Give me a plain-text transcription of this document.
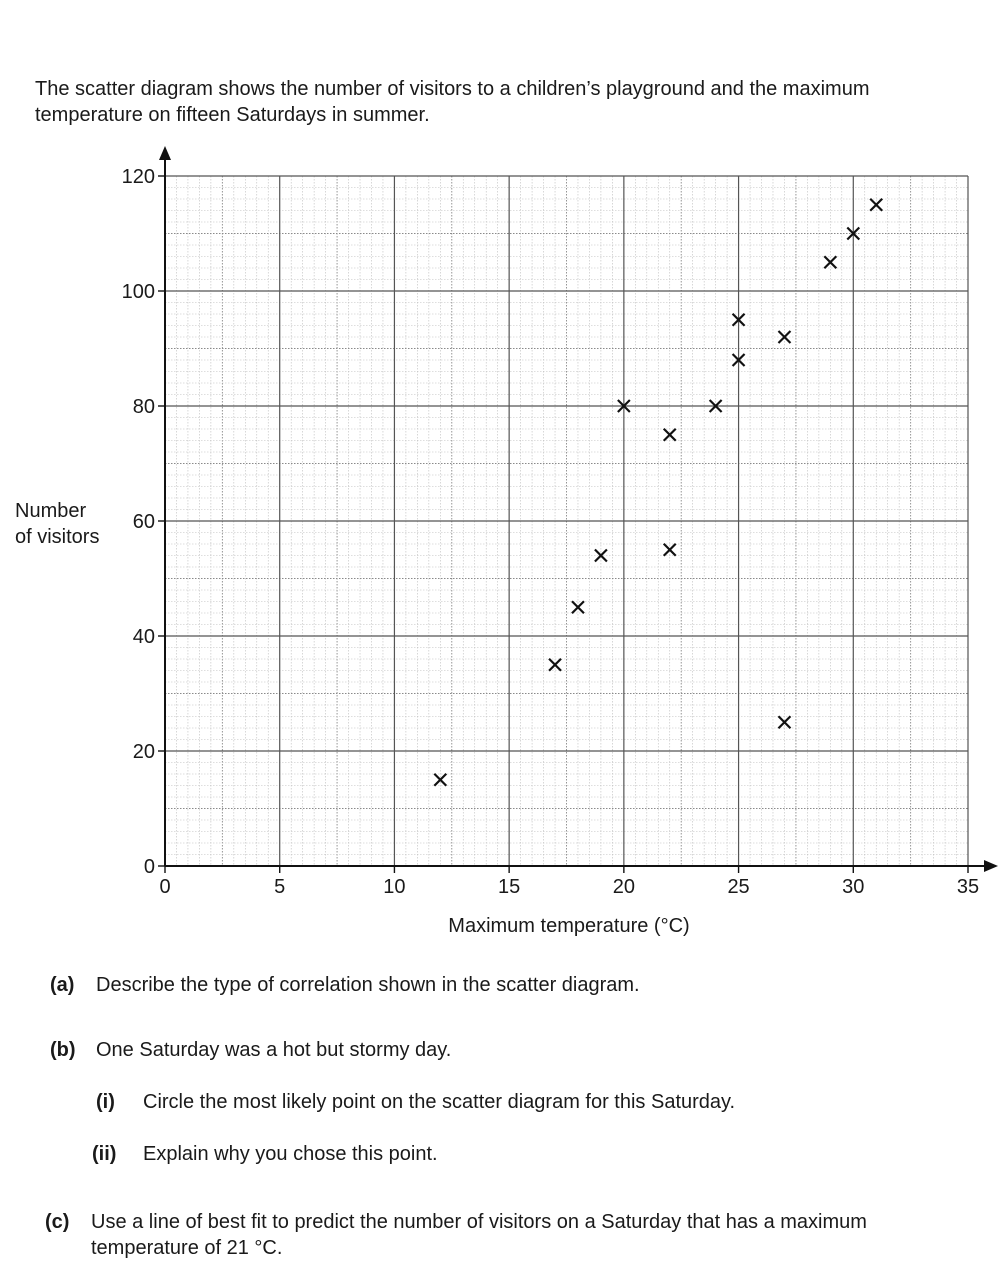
The scatter diagram shows the number of visitors to a children’s playground and the maximum
temperature on fifteen Saturdays in summer.
0	5	10	15	20	25	30	35
0
20
40
60
80
100
120
Maximum temperature (°C)
Number
of visitors
(a) Describe the type of correlation shown in the scatter diagram.
(b) One Saturday was a hot but stormy day.
(i) Circle the most likely point on the scatter diagram for this Saturday.
(ii) Explain why you chose this point.
(c)	Use a line of best fit to predict the number of visitors on a Saturday that has a maximum
temperature of 21 °C.
